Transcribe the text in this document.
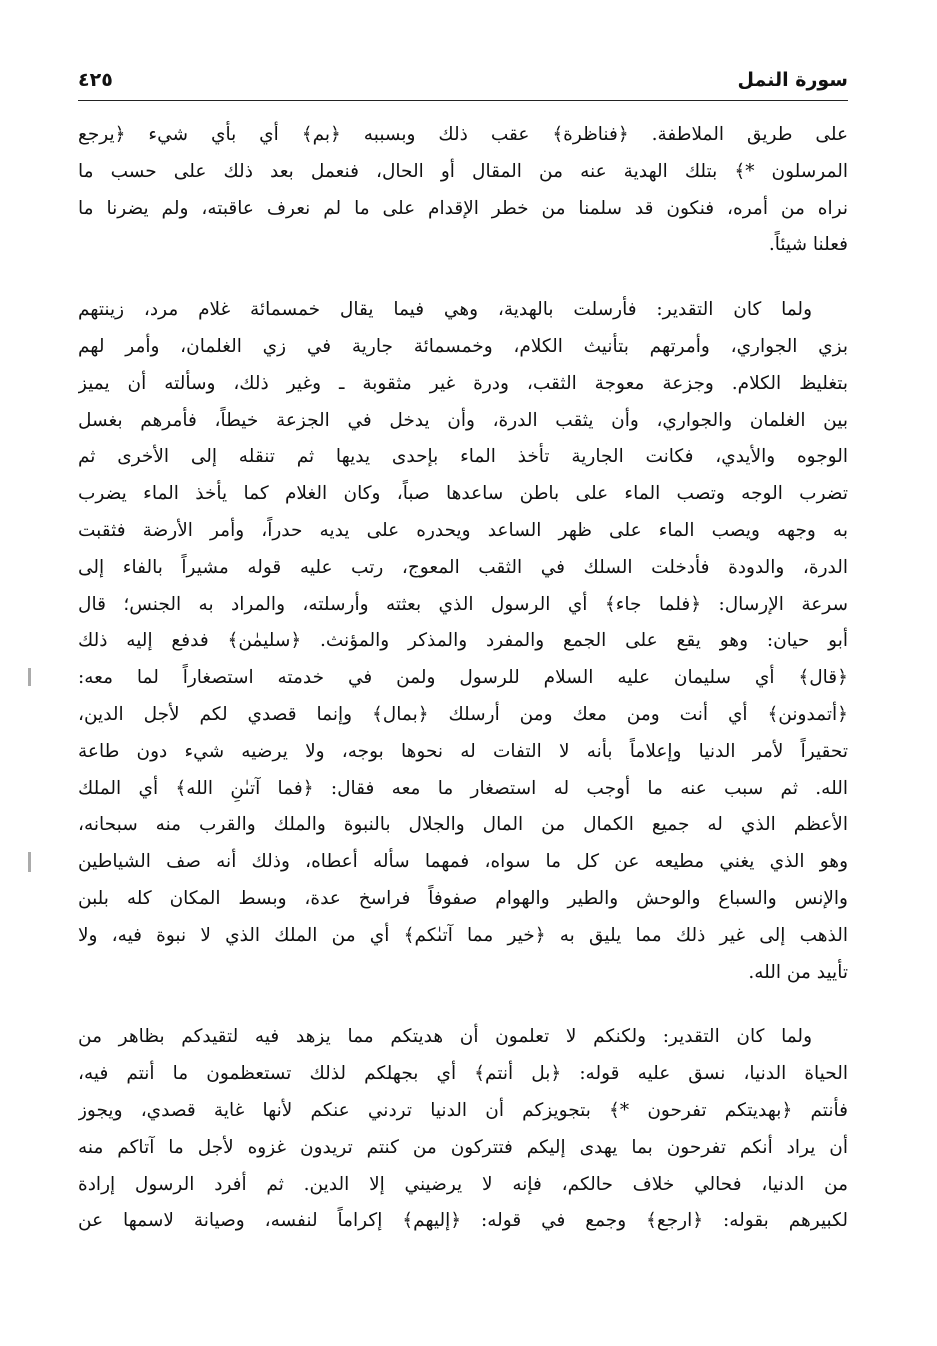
سورة النمل
٤٢٥
على طريق الملاطفة. ﴿فناظرة﴾ عقب ذلك وبسببه ﴿بم﴾ أي بأي شيء ﴿يرجع
المرسلون *﴾ بتلك الهدية عنه من المقال أو الحال، فنعمل بعد ذلك على حسب ما
نراه من أمره، فنكون قد سلمنا من خطر الإقدام على ما لم نعرف عاقبته، ولم يضرنا ما
فعلنا شيئاً.
ولما كان التقدير: فأرسلت بالهدية، وهي فيما يقال خمسمائة غلام مرد، زينتهم
بزي الجواري، وأمرتهم بتأنيث الكلام، وخمسمائة جارية في زي الغلمان، وأمر لهم
بتغليظ الكلام. وجزعة معوجة الثقب، ودرة غير مثقوبة ـ وغير ذلك، وسألته أن يميز
بين الغلمان والجواري، وأن يثقب الدرة، وأن يدخل في الجزعة خيطاً، فأمرهم بغسل
الوجوه والأيدي، فكانت الجارية تأخذ الماء بإحدى يديها ثم تنقله إلى الأخرى ثم
تضرب الوجه وتصب الماء على باطن ساعدها صباً، وكان الغلام كما يأخذ الماء يضرب
به وجهه ويصب الماء على ظهر الساعد ويحدره على يديه حدراً، وأمر الأرضة فثقبت
الدرة، والدودة فأدخلت السلك في الثقب المعوج، رتب عليه قوله مشيراً بالفاء إلى
سرعة الإرسال: ﴿فلما جاء﴾ أي الرسول الذي بعثته وأرسلته، والمراد به الجنس؛ قال
أبو حيان: وهو يقع على الجمع والمفرد والمذكر والمؤنث. ﴿سليمٰن﴾ فدفع إليه ذلك
﴿قال﴾ أي سليمان عليه السلام للرسول ولمن في خدمته استصغاراً لما معه:
﴿أتمدونن﴾ أي أنت ومن معك ومن أرسلك ﴿بمال﴾ وإنما قصدي لكم لأجل الدين،
تحقيراً لأمر الدنيا وإعلاماً بأنه لا التفات له نحوها بوجه، ولا يرضيه شيء دون طاعة
الله. ثم سبب عنه ما أوجب له استصغار ما معه فقال: ﴿فما آتىٰنِ الله﴾ أي الملك
الأعظم الذي له جميع الكمال من المال والجلال بالنبوة والملك والقرب منه سبحانه،
وهو الذي يغني مطيعه عن كل ما سواه، فمهما سأله أعطاه، وذلك أنه صف الشياطين
والإنس والسباع والوحش والطير والهوام صفوفاً فراسخ عدة، وبسط المكان كله بلبن
الذهب إلى غير ذلك مما يليق به ﴿خير مما آتىٰكم﴾ أي من الملك الذي لا نبوة فيه، ولا
تأييد من الله.
ولما كان التقدير: ولكنكم لا تعلمون أن هديتكم مما يزهد فيه لتقيدكم بظاهر من
الحياة الدنيا، نسق عليه قوله: ﴿بل أنتم﴾ أي بجهلكم لذلك تستعظمون ما أنتم فيه،
فأنتم ﴿بهديتكم تفرحون *﴾ بتجويزكم أن الدنيا تردني عنكم لأنها غاية قصدي، ويجوز
أن يراد أنكم تفرحون بما يهدى إليكم فتتركون من كنتم تريدون غزوه لأجل ما آتاكم منه
من الدنيا، فحالي خلاف حالكم، فإنه لا يرضيني إلا الدين. ثم أفرد الرسول إرادة
لكبيرهم بقوله: ﴿ارجع﴾ وجمع في قوله: ﴿إليهم﴾ إكراماً لنفسه، وصيانة لاسمها عن
